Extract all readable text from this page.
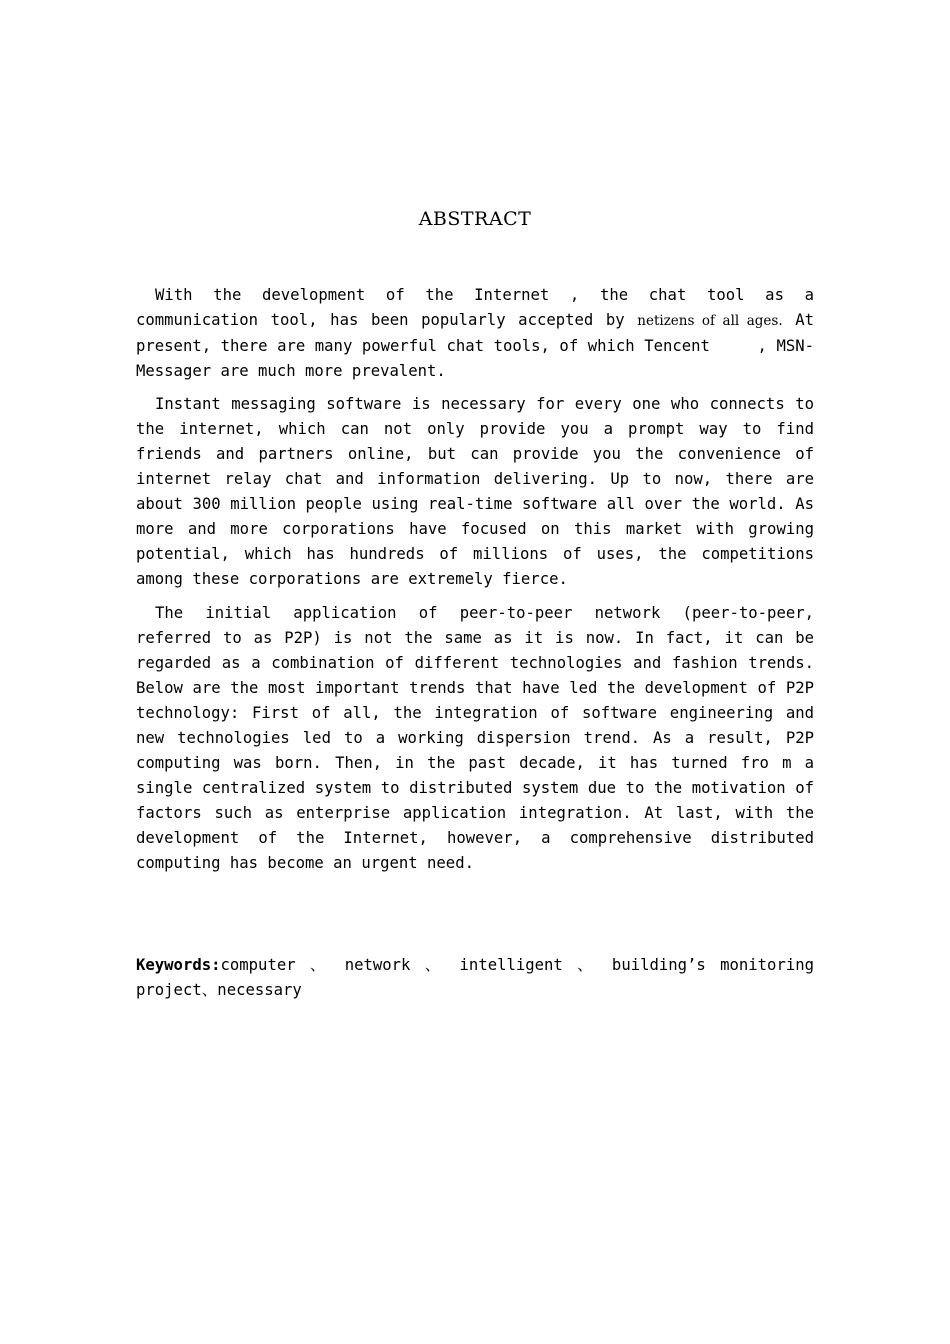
ABSTRACT
With the development of the Internet , the chat tool as a communication tool, has been popularly accepted by netizens of all ages. At present, there are many powerful chat tools, of which Tencent     , MSN-Messager are much more prevalent.
Instant messaging software is necessary for every one who connects to the internet, which can not only provide you a prompt way to find friends and partners online, but can provide you the convenience of internet relay chat and information delivering. Up to now, there are about 300 million people using real-time software all over the world. As more and more corporations have focused on this market with growing potential, which has hundreds of millions of uses, the competitions among these corporations are extremely fierce.
The initial application of peer-to-peer network (peer-to-peer, referred to as P2P) is not the same as it is now. In fact, it can be regarded as a combination of different technologies and fashion trends. Below are the most important trends that have led the development of P2P technology: First of all, the integration of software engineering and new technologies led to a working dispersion trend. As a result, P2P computing was born. Then, in the past decade, it has turned fro m a single centralized system to distributed system due to the motivation of factors such as enterprise application integration. At last, with the development of the Internet, however, a comprehensive distributed computing has become an urgent need.
Keywords:computer 、 network 、 intelligent 、 building’s monitoring project、necessary
